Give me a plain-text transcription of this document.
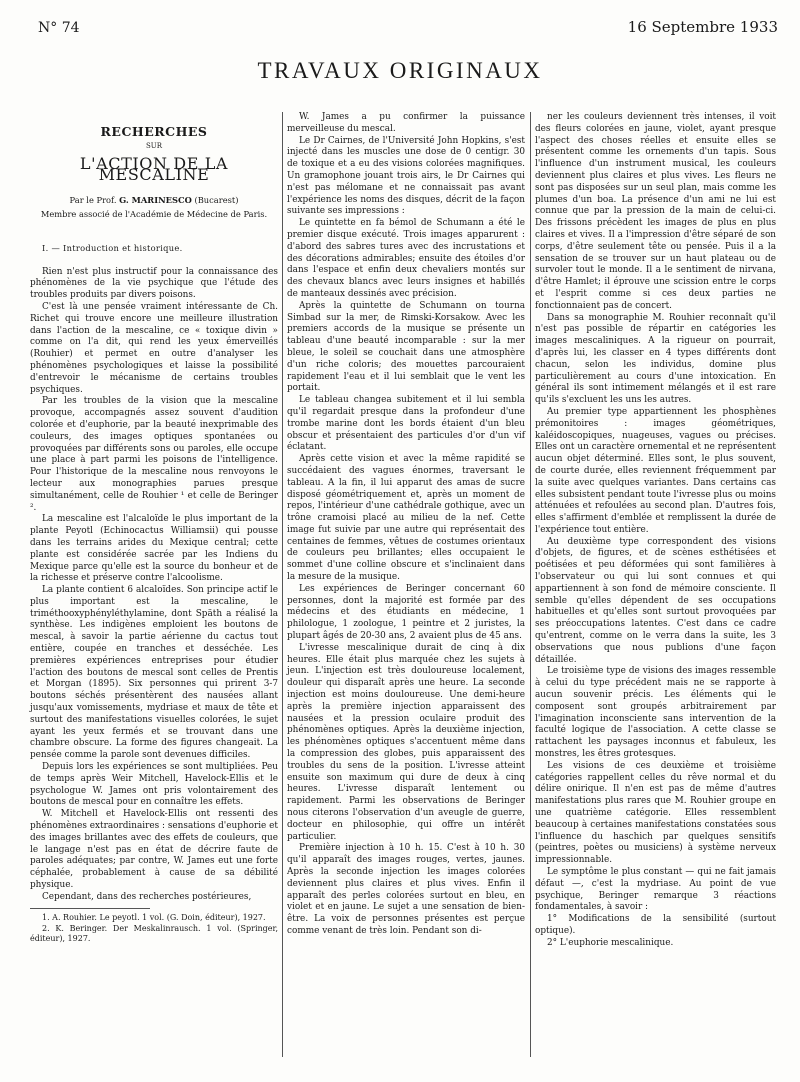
N° 74	16 Septembre 1933
TRAVAUX ORIGINAUX
RECHERCHES
SUR
L'ACTION DE LA MESCALINE
Par le Prof. G. MARINESCO (Bucarest)
Membre associé de l'Académie de Médecine de Paris.
I. — Introduction et historique.

Rien n'est plus instructif pour la connaissance des phénomènes de la vie psychique que l'étude des troubles produits par divers poisons.

C'est là une pensée vraiment intéressante de Ch. Richet qui trouve encore une meilleure illustration dans l'action de la mescaline, ce « toxique divin » comme on l'a dit, qui rend les yeux émerveillés (Rouhier) et permet en outre d'analyser les phénomènes psychologiques et laisse la possibilité d'entrevoir le mécanisme de certains troubles psychiques.

Par les troubles de la vision que la mescaline provoque, accompagnés assez souvent d'audition colorée et d'euphorie, par la beauté inexprimable des couleurs, des images optiques spontanées ou provoquées par différents sons ou paroles, elle occupe une place à part parmi les poisons de l'intelligence. Pour l'historique de la mescaline nous renvoyons le lecteur aux monographies parues presque simultanément, celle de Rouhier ¹ et celle de Beringer ².

La mescaline est l'alcaloïde le plus important de la plante Peyotl (Echinocactus Williamsii) qui pousse dans les terrains arides du Mexique central; cette plante est considérée sacrée par les Indiens du Mexique parce qu'elle est la source du bonheur et de la richesse et préserve contre l'alcoolisme.

La plante contient 6 alcaloïdes. Son principe actif le plus important est la mescaline, le triméthooxyphényléthylamine, dont Späth a réalisé la synthèse. Les indigènes emploient les boutons de mescal, à savoir la partie aérienne du cactus tout entière, coupée en tranches et desséchée. Les premières expériences entreprises pour étudier l'action des boutons de mescal sont celles de Prentis et Morgan (1895). Six personnes qui prirent 3-7 boutons séchés présentèrent des nausées allant jusqu'aux vomissements, mydriase et maux de tête et surtout des manifestations visuelles colorées, le sujet ayant les yeux fermés et se trouvant dans une chambre obscure. La forme des figures changeait. La pensée comme la parole sont devenues difficiles.

Depuis lors les expériences se sont multipliées. Peu de temps après Weir Mitchell, Havelock-Ellis et le psychologue W. James ont pris volontairement des boutons de mescal pour en connaître les effets.

W. Mitchell et Havelock-Ellis ont ressenti des phénomènes extraordinaires : sensations d'euphorie et des images brillantes avec des effets de couleurs, que le langage n'est pas en état de décrire faute de paroles adéquates; par contre, W. James eut une forte céphalée, probablement à cause de sa débilité physique.

Cependant, dans des recherches postérieures,

1. A. Rouhier. Le peyotl. 1 vol. (G. Doin, éditeur), 1927.

2. K. Beringer. Der Meskalinrausch. 1 vol. (Springer, éditeur), 1927.

W. James a pu confirmer la puissance merveilleuse du mescal.

Le Dr Cairnes, de l'Université John Hopkins, s'est injecté dans les muscles une dose de 0 centigr. 30 de toxique et a eu des visions colorées magnifiques. Un gramophone jouant trois airs, le Dr Cairnes qui n'est pas mélomane et ne connaissait pas avant l'expérience les noms des disques, décrit de la façon suivante ses impressions :

Le quintette en fa bémol de Schumann a été le premier disque exécuté. Trois images apparurent : d'abord des sabres tures avec des incrustations et des décorations admirables; ensuite des étoiles d'or dans l'espace et enfin deux chevaliers montés sur des chevaux blancs avec leurs insignes et habillés de manteaux dessinés avec précision.

Après la quintette de Schumann on tourna Simbad sur la mer, de Rimski-Korsakow. Avec les premiers accords de la musique se présente un tableau d'une beauté incomparable : sur la mer bleue, le soleil se couchait dans une atmosphère d'un riche coloris; des mouettes parcouraient rapidement l'eau et il lui semblait que le vent les portait.

Le tableau changea subitement et il lui sembla qu'il regardait presque dans la profondeur d'une trombe marine dont les bords étaient d'un bleu obscur et présentaient des particules d'or d'un vif éclatant.

Après cette vision et avec la même rapidité se succédaient des vagues énormes, traversant le tableau. A la fin, il lui apparut des amas de sucre disposé géométriquement et, après un moment de repos, l'intérieur d'une cathédrale gothique, avec un trône cramoisi placé au milieu de la nef. Cette image fut suivie par une autre qui représentait des centaines de femmes, vêtues de costumes orientaux de couleurs peu brillantes; elles occupaient le sommet d'une colline obscure et s'inclinaient dans la mesure de la musique.

Les expériences de Beringer concernant 60 personnes, dont la majorité est formée par des médecins et des étudiants en médecine, 1 philologue, 1 zoologue, 1 peintre et 2 juristes, la plupart âgés de 20-30 ans, 2 avaient plus de 45 ans.

L'ivresse mescalinique durait de cinq à dix heures. Elle était plus marquée chez les sujets à jeun. L'injection est très douloureuse localement, douleur qui disparaît après une heure. La seconde injection est moins douloureuse. Une demi-heure après la première injection apparaissent des nausées et la pression oculaire produit des phénomènes optiques. Après la deuxième injection, les phénomènes optiques s'accentuent même dans la compression des globes, puis apparaissent des troubles du sens de la position. L'ivresse atteint ensuite son maximum qui dure de deux à cinq heures. L'ivresse disparaît lentement ou rapidement. Parmi les observations de Beringer nous citerons l'observation d'un aveugle de guerre, docteur en philosophie, qui offre un intérêt particulier.

Première injection à 10 h. 15. C'est à 10 h. 30 qu'il apparaît des images rouges, vertes, jaunes. Après la seconde injection les images colorées deviennent plus claires et plus vives. Enfin il apparaît des perles colorées surtout en bleu, en violet et en jaune. Le sujet a une sensation de bien-être. La voix de personnes présentes est perçue comme venant de très loin. Pendant son di-

ner les couleurs deviennent très intenses, il voit des fleurs colorées en jaune, violet, ayant presque l'aspect des choses réelles et ensuite elles se présentent comme les ornements d'un tapis. Sous l'influence d'un instrument musical, les couleurs deviennent plus claires et plus vives. Les fleurs ne sont pas disposées sur un seul plan, mais comme les plumes d'un boa. La présence d'un ami ne lui est connue que par la pression de la main de celui-ci. Des frissons précèdent les images de plus en plus claires et vives. Il a l'impression d'être séparé de son corps, d'être seulement tête ou pensée. Puis il a la sensation de se trouver sur un haut plateau ou de survoler tout le monde. Il a le sentiment de nirvana, d'être Hamlet; il éprouve une scission entre le corps et l'esprit comme si ces deux parties ne fonctionnaient pas de concert.

Dans sa monographie M. Rouhier reconnaît qu'il n'est pas possible de répartir en catégories les images mescaliniques. A la rigueur on pourrait, d'après lui, les classer en 4 types différents dont chacun, selon les individus, domine plus particulièrement au cours d'une intoxication. En général ils sont intimement mélangés et il est rare qu'ils s'excluent les uns les autres.

Au premier type appartiennent les phosphènes prémonitoires : images géométriques, kaléidoscopiques, nuageuses, vagues ou précises. Elles ont un caractère ornemental et ne représentent aucun objet déterminé. Elles sont, le plus souvent, de courte durée, elles reviennent fréquemment par la suite avec quelques variantes. Dans certains cas elles subsistent pendant toute l'ivresse plus ou moins atténuées et refoulées au second plan. D'autres fois, elles s'affirment d'emblée et remplissent la durée de l'expérience tout entière.

Au deuxième type correspondent des visions d'objets, de figures, et de scènes esthétisées et poétisées et peu déformées qui sont familières à l'observateur ou qui lui sont connues et qui appartiennent à son fond de mémoire consciente. Il semble qu'elles dépendent de ses occupations habituelles et qu'elles sont surtout provoquées par ses préoccupations latentes. C'est dans ce cadre qu'entrent, comme on le verra dans la suite, les 3 observations que nous publions d'une façon détaillée.

Le troisième type de visions des images ressemble à celui du type précédent mais ne se rapporte à aucun souvenir précis. Les éléments qui le composent sont groupés arbitrairement par l'imagination inconsciente sans intervention de la faculté logique de l'association. A cette classe se rattachent les paysages inconnus et fabuleux, les monstres, les êtres grotesques.

Les visions de ces deuxième et troisième catégories rappellent celles du rêve normal et du délire onirique. Il n'en est pas de même d'autres manifestations plus rares que M. Rouhier groupe en une quatrième catégorie. Elles ressemblent beaucoup à certaines manifestations constatées sous l'influence du haschich par quelques sensitifs (peintres, poètes ou musiciens) à système nerveux impressionnable.

Le symptôme le plus constant — qui ne fait jamais défaut —, c'est la mydriase. Au point de vue psychique, Beringer remarque 3 réactions fondamentales, à savoir :

1° Modifications de la sensibilité (surtout optique).

2° L'euphorie mescalinique.
